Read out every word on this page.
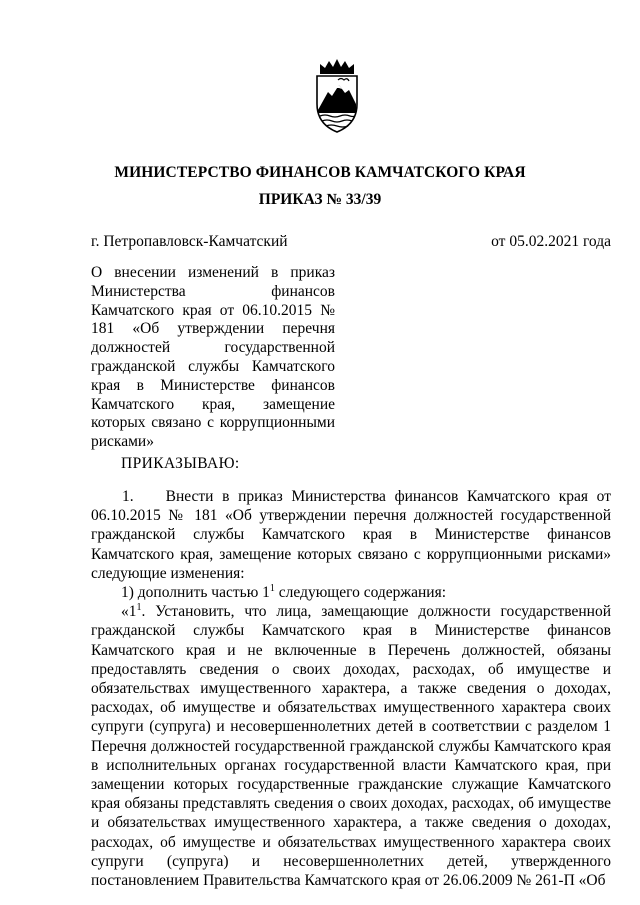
МИНИСТЕРСТВО ФИНАНСОВ КАМЧАТСКОГО КРАЯ
ПРИКАЗ № 33/39
г. Петропавловск-Камчатский	от 05.02.2021 года
О внесении изменений в приказ Министерства финансов Камчатского края от 06.10.2015 № 181 «Об утверждении перечня должностей государственной гражданской службы Камчатского края в Министерстве финансов Камчатского края, замещение которых связано с коррупционными рисками»
ПРИКАЗЫВАЮ:

1. Внести в приказ Министерства финансов Камчатского края от 06.10.2015 № 181 «Об утверждении перечня должностей государственной гражданской службы Камчатского края в Министерстве финансов Камчатского края, замещение которых связано с коррупционными рисками» следующие изменения:

1) дополнить частью $1^1$ следующего содержания:

«$1^1$. Установить, что лица, замещающие должности государственной гражданской службы Камчатского края в Министерстве финансов Камчатского края и не включенные в Перечень должностей, обязаны предоставлять сведения о своих доходах, расходах, об имуществе и обязательствах имущественного характера, а также сведения о доходах, расходах, об имуществе и обязательствах имущественного характера своих супруги (супруга) и несовершеннолетних детей в соответствии с разделом 1 Перечня должностей государственной гражданской службы Камчатского края в исполнительных органах государственной власти Камчатского края, при замещении которых государственные гражданские служащие Камчатского края обязаны представлять сведения о своих доходах, расходах, об имуществе и обязательствах имущественного характера, а также сведения о доходах, расходах, об имуществе и обязательствах имущественного характера своих супруги (супруга) и несовершеннолетних детей, утвержденного постановлением Правительства Камчатского края от 26.06.2009 № 261-П «Об
